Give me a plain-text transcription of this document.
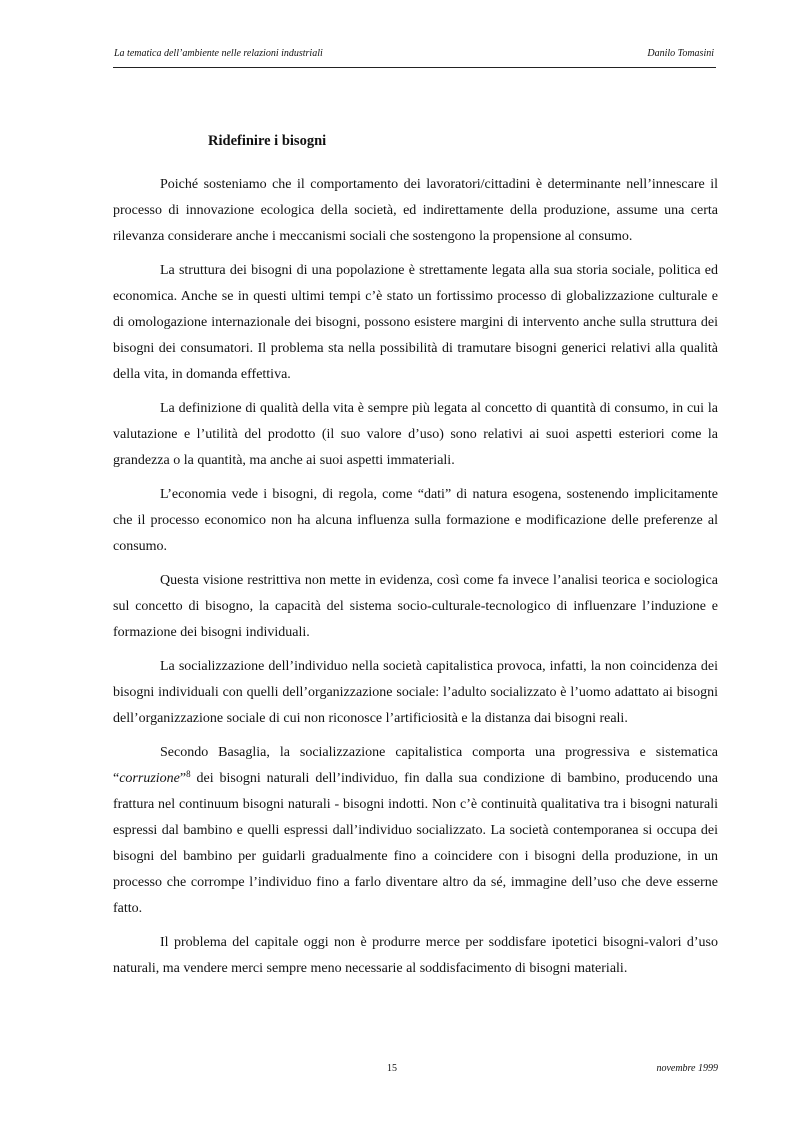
La tematica dell’ambiente nelle relazioni industriali	Danilo Tomasini
Ridefinire i bisogni

Poiché sosteniamo che il comportamento dei lavoratori/cittadini è determinante nell’innescare il processo di innovazione ecologica della società, ed indirettamente della produzione, assume una certa rilevanza considerare anche i meccanismi sociali che sostengono la propensione al consumo.

La struttura dei bisogni di una popolazione è strettamente legata alla sua storia sociale, politica ed economica. Anche se in questi ultimi tempi c’è stato un fortissimo processo di globalizzazione culturale e di omologazione internazionale dei bisogni, possono esistere margini di intervento anche sulla struttura dei bisogni dei consumatori. Il problema sta nella possibilità di tramutare bisogni generici relativi alla qualità della vita, in domanda effettiva.

La definizione di qualità della vita è sempre più legata al concetto di quantità di consumo, in cui la valutazione e l’utilità del prodotto (il suo valore d’uso) sono relativi ai suoi aspetti esteriori come la grandezza o la quantità, ma anche ai suoi aspetti immateriali.

L’economia vede i bisogni, di regola, come “dati” di natura esogena, sostenendo implicitamente che il processo economico non ha alcuna influenza sulla formazione e modificazione delle preferenze al consumo.

Questa visione restrittiva non mette in evidenza, così come fa invece l’analisi teorica e sociologica sul concetto di bisogno, la capacità del sistema socio-culturale-tecnologico di influenzare l’induzione e formazione dei bisogni individuali.

La socializzazione dell’individuo nella società capitalistica provoca, infatti, la non coincidenza dei bisogni individuali con quelli dell’organizzazione sociale: l’adulto socializzato è l’uomo adattato ai bisogni dell’organizzazione sociale di cui non riconosce l’artificiosità e la distanza dai bisogni reali.

Secondo Basaglia, la socializzazione capitalistica comporta una progressiva e sistematica “corruzione”$^8$ dei bisogni naturali dell’individuo, fin dalla sua condizione di bambino, producendo una frattura nel continuum bisogni naturali - bisogni indotti. Non c’è continuità qualitativa tra i bisogni naturali espressi dal bambino e quelli espressi dall’individuo socializzato. La società contemporanea si occupa dei bisogni del bambino per guidarli gradualmente fino a coincidere con i bisogni della produzione, in un processo che corrompe l’individuo fino a farlo diventare altro da sé, immagine dell’uso che deve esserne fatto.

Il problema del capitale oggi non è produrre merce per soddisfare ipotetici bisogni-valori d’uso naturali, ma vendere merci sempre meno necessarie al soddisfacimento di bisogni materiali.

15	novembre 1999
